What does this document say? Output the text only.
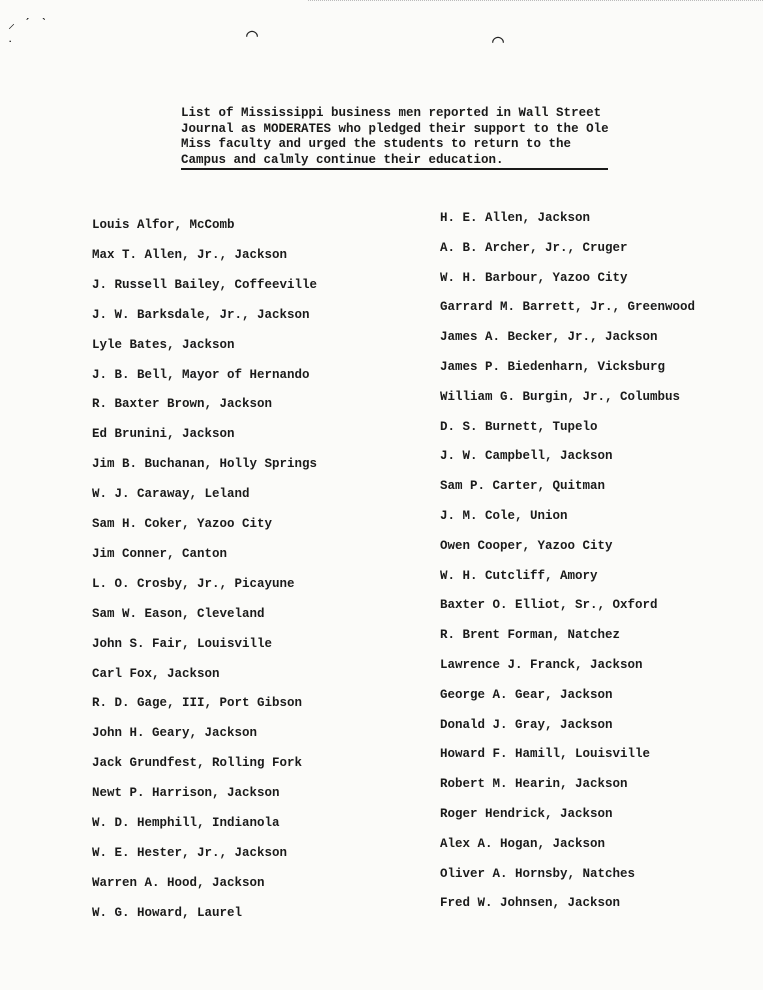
⸝ ˊ ˋ
˙	⌒	⌒
List of Mississippi business men reported in Wall Street
Journal as MODERATES who pledged their support to the Ole
Miss faculty and urged the students to return to the
Campus and calmly continue their education.
Louis Alfor, McComb
Max T. Allen, Jr., Jackson
J. Russell Bailey, Coffeeville
J. W. Barksdale, Jr., Jackson
Lyle Bates, Jackson
J. B. Bell, Mayor of Hernando
R. Baxter Brown, Jackson
Ed Brunini, Jackson
Jim B. Buchanan, Holly Springs
W. J. Caraway, Leland
Sam H. Coker, Yazoo City
Jim Conner, Canton
L. O. Crosby, Jr., Picayune
Sam W. Eason, Cleveland
John S. Fair, Louisville
Carl Fox, Jackson
R. D. Gage, III, Port Gibson
John H. Geary, Jackson
Jack Grundfest, Rolling Fork
Newt P. Harrison, Jackson
W. D. Hemphill, Indianola
W. E. Hester, Jr., Jackson
Warren A. Hood, Jackson
W. G. Howard, Laurel
H. E. Allen, Jackson
A. B. Archer, Jr., Cruger
W. H. Barbour, Yazoo City
Garrard M. Barrett, Jr., Greenwood
James A. Becker, Jr., Jackson
James P. Biedenharn, Vicksburg
William G. Burgin, Jr., Columbus
D. S. Burnett, Tupelo
J. W. Campbell, Jackson
Sam P. Carter, Quitman
J. M. Cole, Union
Owen Cooper, Yazoo City
W. H. Cutcliff, Amory
Baxter O. Elliot, Sr., Oxford
R. Brent Forman, Natchez
Lawrence J. Franck, Jackson
George A. Gear, Jackson
Donald J. Gray, Jackson
Howard F. Hamill, Louisville
Robert M. Hearin, Jackson
Roger Hendrick, Jackson
Alex A. Hogan, Jackson
Oliver A. Hornsby, Natches
Fred W. Johnsen, Jackson
